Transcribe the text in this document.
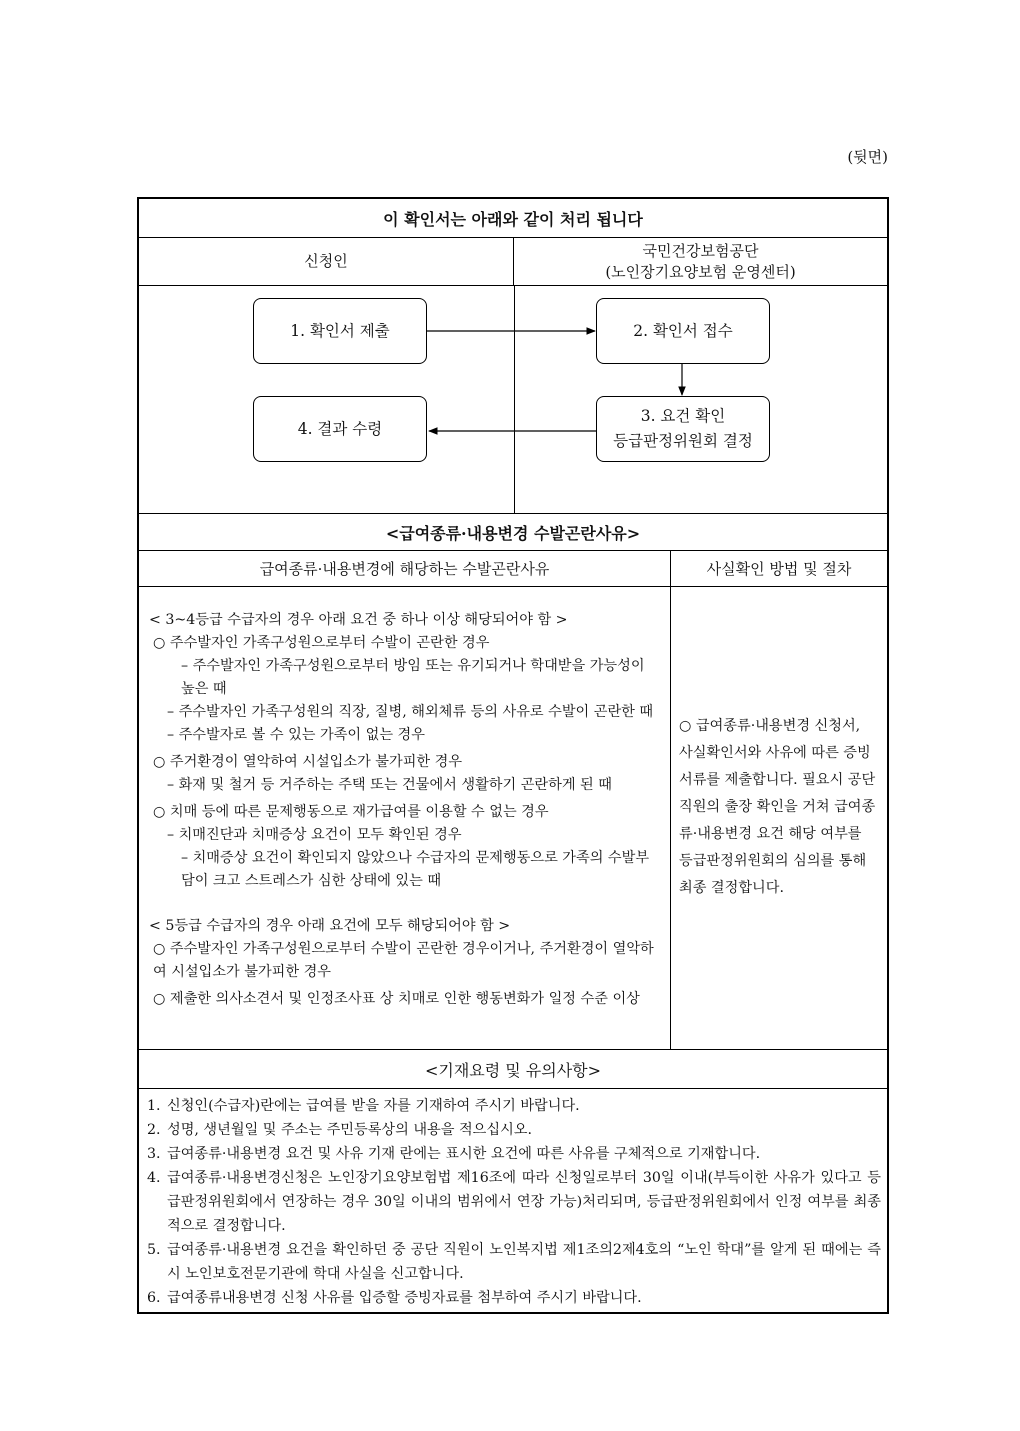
(뒷면)
이 확인서는 아래와 같이 처리 됩니다
신청인
국민건강보험공단
(노인장기요양보험 운영센터)
1. 확인서 제출	2. 확인서 접수
3. 요건 확인
등급판정위원회 결정
4. 결과 수령
<급여종류·내용변경 수발곤란사유>
급여종류·내용변경에 해당하는 수발곤란사유	사실확인 방법 및 절차
< 3~4등급 수급자의 경우 아래 요건 중 하나 이상 해당되어야 함 >
○ 주수발자인 가족구성원으로부터 수발이 곤란한 경우
– 주수발자인 가족구성원으로부터 방임 또는 유기되거나 학대받을 가능성이 높은 때
– 주수발자인 가족구성원의 직장, 질병, 해외체류 등의 사유로 수발이 곤란한 때
– 주수발자로 볼 수 있는 가족이 없는 경우
○ 주거환경이 열악하여 시설입소가 불가피한 경우
– 화재 및 철거 등 거주하는 주택 또는 건물에서 생활하기 곤란하게 된 때
○ 치매 등에 따른 문제행동으로 재가급여를 이용할 수 없는 경우
– 치매진단과 치매증상 요건이 모두 확인된 경우
– 치매증상 요건이 확인되지 않았으나 수급자의 문제행동으로 가족의 수발부담이 크고 스트레스가 심한 상태에 있는 때
< 5등급 수급자의 경우 아래 요건에 모두 해당되어야 함 >
○ 주수발자인 가족구성원으로부터 수발이 곤란한 경우이거나, 주거환경이 열악하여 시설입소가 불가피한 경우
○ 제출한 의사소견서 및 인정조사표 상 치매로 인한 행동변화가 일정 수준 이상
○ 급여종류·내용변경 신청서, 사실확인서와 사유에 따른 증빙서류를 제출합니다. 필요시 공단 직원의 출장 확인을 거쳐 급여종류·내용변경 요건 해당 여부를 등급판정위원회의 심의를 통해 최종 결정합니다.
<기재요령 및 유의사항>
1. 신청인(수급자)란에는 급여를 받을 자를 기재하여 주시기 바랍니다.
2. 성명, 생년월일 및 주소는 주민등록상의 내용을 적으십시오.
3. 급여종류·내용변경 요건 및 사유 기재 란에는 표시한 요건에 따른 사유를 구체적으로 기재합니다.
4. 급여종류·내용변경신청은 노인장기요양보험법 제16조에 따라 신청일로부터 30일 이내(부득이한 사유가 있다고 등급판정위원회에서 연장하는 경우 30일 이내의 범위에서 연장 가능)처리되며, 등급판정위원회에서 인정 여부를 최종적으로 결정합니다.
5. 급여종류·내용변경 요건을 확인하던 중 공단 직원이 노인복지법 제1조의2제4호의 “노인 학대”를 알게 된 때에는 즉시 노인보호전문기관에 학대 사실을 신고합니다.
6. 급여종류내용변경 신청 사유를 입증할 증빙자료를 첨부하여 주시기 바랍니다.
